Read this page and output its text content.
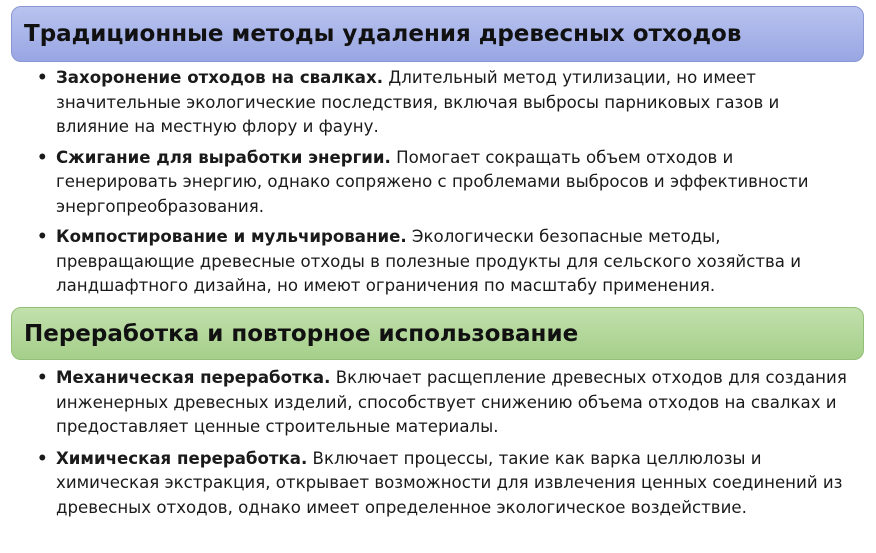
Традиционные методы удаления древесных отходов
• Захоронение отходов на свалках. Длительный метод утилизации, но имеет значительные экологические последствия, включая выбросы парниковых газов и влияние на местную флору и фауну.
• Сжигание для выработки энергии. Помогает сокращать объем отходов и генерировать энергию, однако сопряжено с проблемами выбросов и эффективности энергопреобразования.
• Компостирование и мульчирование. Экологически безопасные методы, превращающие древесные отходы в полезные продукты для сельского хозяйства и ландшафтного дизайна, но имеют ограничения по масштабу применения.
Переработка и повторное использование
• Механическая переработка. Включает расщепление древесных отходов для создания инженерных древесных изделий, способствует снижению объема отходов на свалках и предоставляет ценные строительные материалы.
• Химическая переработка. Включает процессы, такие как варка целлюлозы и химическая экстракция, открывает возможности для извлечения ценных соединений из древесных отходов, однако имеет определенное экологическое воздействие.
